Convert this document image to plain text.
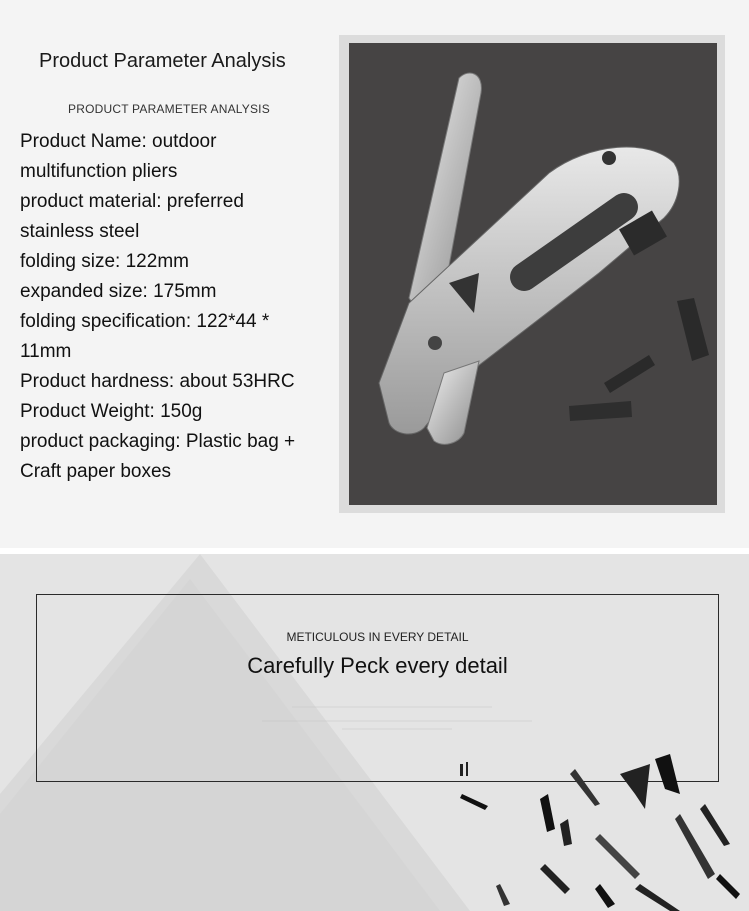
Product Parameter Analysis
PRODUCT PARAMETER ANALYSIS
Product Name: outdoor
multifunction pliers
product material: preferred
stainless steel
folding size: 122mm
expanded size: 175mm
folding specification: 122*44 *
11mm
Product hardness: about 53HRC
Product Weight: 150g
product packaging: Plastic bag +
Craft paper boxes
METICULOUS IN EVERY DETAIL
Carefully Peck every detail
